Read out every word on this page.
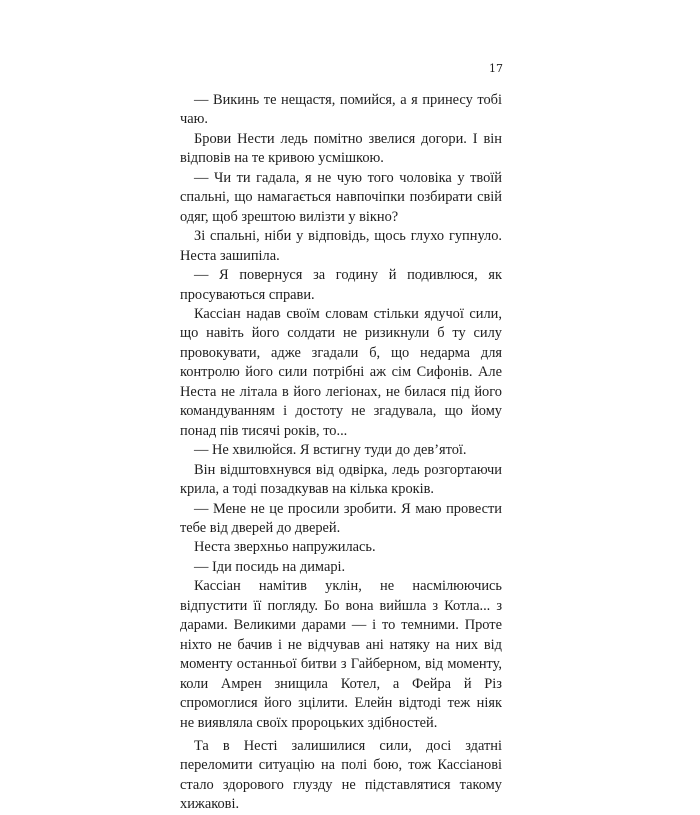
17

— Викинь те нещастя, помийся, а я принесу тобі чаю.

Брови Нести ледь помітно звелися догори. І він відповів на те кривою усмішкою.

— Чи ти гадала, я не чую того чоловіка у твоїй спальні, що намагається навпочіпки позбирати свій одяг, щоб зрештою вилізти у вікно?

Зі спальні, ніби у відповідь, щось глухо гупнуло. Неста зашипіла.

— Я повернуся за годину й подивлюся, як просуваються справи.

Кассіан надав своїм словам стільки ядучої сили, що навіть його солдати не ризикнули б ту силу провокувати, адже згадали б, що недарма для контролю його сили потрібні аж сім Сифонів. Але Неста не літала в його легіонах, не билася під його командуванням і достоту не згадувала, що йому понад пів тисячі років, то...

— Не хвилюйся. Я встигну туди до дев’ятої.

Він відштовхнувся від одвірка, ледь розгортаючи крила, а тоді позадкував на кілька кроків.

— Мене не це просили зробити. Я маю провести тебе від дверей до дверей.

Неста зверхньо напружилась.

— Іди посидь на димарі.

Кассіан намітив уклін, не насмілюючись відпустити її погляду. Бо вона вийшла з Котла... з дарами. Великими дарами — і то темними. Проте ніхто не бачив і не відчував ані натяку на них від моменту останньої битви з Гайберном, від моменту, коли Амрен знищила Котел, а Фейра й Різ спромоглися його зцілити. Елейн відтоді теж ніяк не виявляла своїх пророцьких здібностей.

Та в Несті залишилися сили, досі здатні переломити ситуацію на полі бою, тож Кассіанові стало здорового глузду не підставлятися такому хижакові.
